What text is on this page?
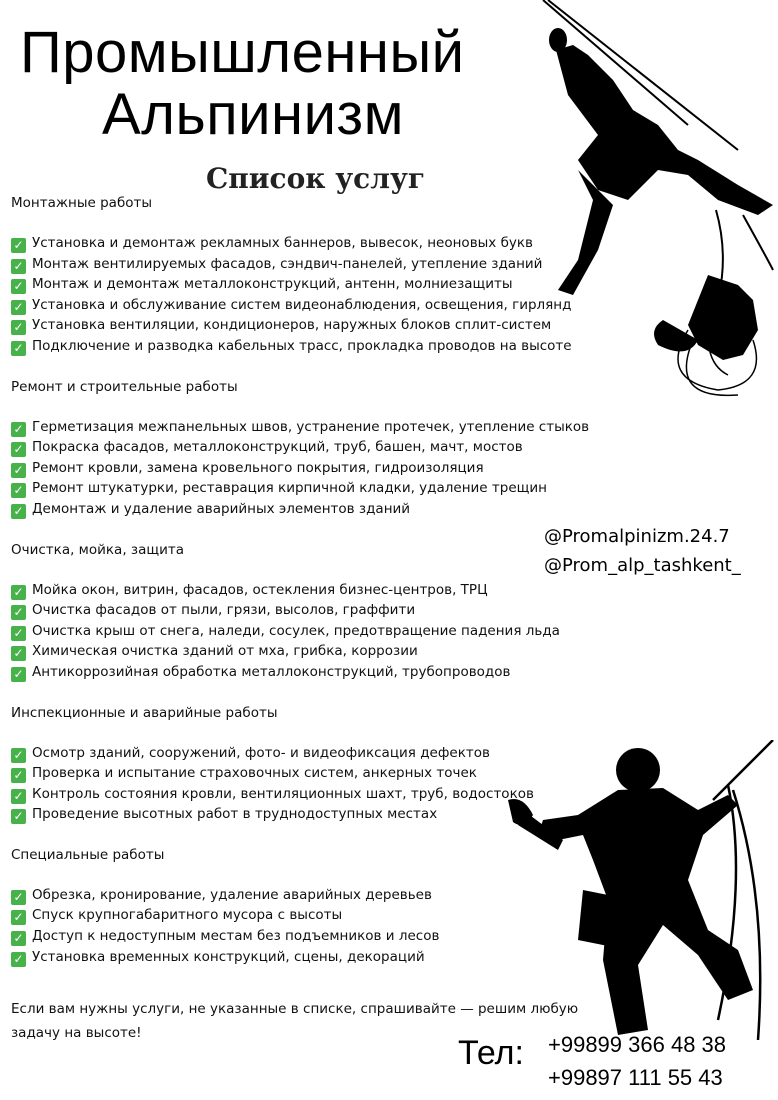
Промышленный
Альпинизм
Список услуг
Монтажные работы
✓ Установка и демонтаж рекламных баннеров, вывесок, неоновых букв
✓ Монтаж вентилируемых фасадов, сэндвич-панелей, утепление зданий
✓ Монтаж и демонтаж металлоконструкций, антенн, молниезащиты
✓ Установка и обслуживание систем видеонаблюдения, освещения, гирлянд
✓ Установка вентиляции, кондиционеров, наружных блоков сплит-систем
✓ Подключение и разводка кабельных трасс, прокладка проводов на высоте
Ремонт и строительные работы
✓ Герметизация межпанельных швов, устранение протечек, утепление стыков
✓ Покраска фасадов, металлоконструкций, труб, башен, мачт, мостов
✓ Ремонт кровли, замена кровельного покрытия, гидроизоляция
✓ Ремонт штукатурки, реставрация кирпичной кладки, удаление трещин
✓ Демонтаж и удаление аварийных элементов зданий
Очистка, мойка, защита
✓ Мойка окон, витрин, фасадов, остекления бизнес-центров, ТРЦ
✓ Очистка фасадов от пыли, грязи, высолов, граффити
✓ Очистка крыш от снега, наледи, сосулек, предотвращение падения льда
✓ Химическая очистка зданий от мха, грибка, коррозии
✓ Антикоррозийная обработка металлоконструкций, трубопроводов
Инспекционные и аварийные работы
✓ Осмотр зданий, сооружений, фото- и видеофиксация дефектов
✓ Проверка и испытание страховочных систем, анкерных точек
✓ Контроль состояния кровли, вентиляционных шахт, труб, водостоков
✓ Проведение высотных работ в труднодоступных местах
Специальные работы
✓ Обрезка, кронирование, удаление аварийных деревьев
✓ Спуск крупногабаритного мусора с высоты
✓ Доступ к недоступным местам без подъемников и лесов
✓ Установка временных конструкций, сцены, декораций
@Promalpinizm.24.7
@Prom_alp_tashkent_

Если вам нужны услуги, не указанные в списке, спрашивайте — решим любую задачу на высоте!

Тел: +99899 366 48 38
+99897 111 55 43
